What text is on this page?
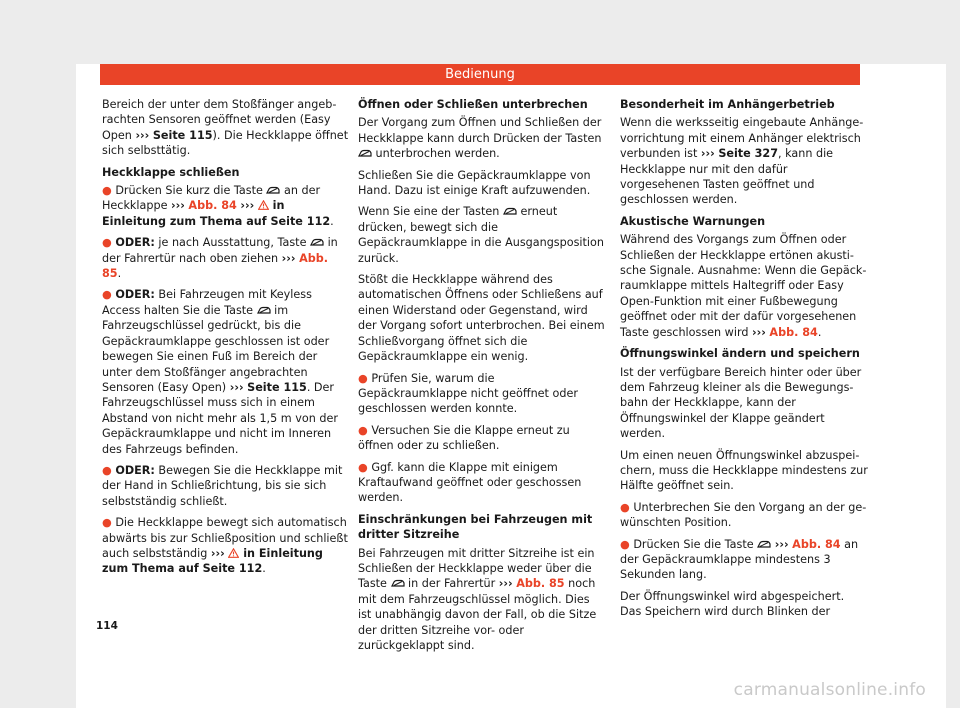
Bedienung

Bereich der unter dem Stoßfänger angebrachten Sensoren geöffnet werden (Easy Open ››› Seite 115). Die Heckklappe öffnet sich selbsttätig.

Heckklappe schließen

● Drücken Sie kurz die Taste  an der Heckklappe ››› Abb. 84 ›››  in Einleitung zum Thema auf Seite 112.

● ODER: je nach Ausstattung, Taste  in der Fahrertür nach oben ziehen ››› Abb. 85.

● ODER: Bei Fahrzeugen mit Keyless Access halten Sie die Taste  im Fahrzeugschlüssel gedrückt, bis die Gepäckraumklappe geschlossen ist oder bewegen Sie einen Fuß im Bereich der unter dem Stoßfänger angebrachten Sensoren (Easy Open) ››› Seite 115. Der Fahrzeugschlüssel muss sich in einem Abstand von nicht mehr als 1,5 m von der Gepäckraumklappe und nicht im Inneren des Fahrzeugs befinden.

● ODER: Bewegen Sie die Heckklappe mit der Hand in Schließrichtung, bis sie sich selbstständig schließt.

● Die Heckklappe bewegt sich automatisch abwärts bis zur Schließposition und schließt auch selbstständig ›››  in Einleitung zum Thema auf Seite 112.

Öffnen oder Schließen unterbrechen

Der Vorgang zum Öffnen und Schließen der Heckklappe kann durch Drücken der Tasten  unterbrochen werden.

Schließen Sie die Gepäckraumklappe von Hand. Dazu ist einige Kraft aufzuwenden.

Wenn Sie eine der Tasten  erneut drücken, bewegt sich die Gepäckraumklappe in die Ausgangsposition zurück.

Stößt die Heckklappe während des automatischen Öffnens oder Schließens auf einen Widerstand oder Gegenstand, wird der Vorgang sofort unterbrochen. Bei einem Schließvorgang öffnet sich die Gepäckraumklappe ein wenig.

● Prüfen Sie, warum die Gepäckraumklappe nicht geöffnet oder geschlossen werden konnte.

● Versuchen Sie die Klappe erneut zu öffnen oder zu schließen.

● Ggf. kann die Klappe mit einigem Kraftaufwand geöffnet oder geschossen werden.

Einschränkungen bei Fahrzeugen mit dritter Sitzreihe

Bei Fahrzeugen mit dritter Sitzreihe ist ein Schließen der Heckklappe weder über die Taste  in der Fahrertür ››› Abb. 85 noch mit dem Fahrzeugschlüssel möglich. Dies ist unabhängig davon der Fall, ob die Sitze der dritten Sitzreihe vor- oder zurückgeklappt sind.

Besonderheit im Anhängerbetrieb

Wenn die werksseitig eingebaute Anhängevorrichtung mit einem Anhänger elektrisch verbunden ist ››› Seite 327, kann die Heckklappe nur mit den dafür vorgesehenen Tasten geöffnet und geschlossen werden.

Akustische Warnungen

Während des Vorgangs zum Öffnen oder Schließen der Heckklappe ertönen akustische Signale. Ausnahme: Wenn die Gepäckraumklappe mittels Haltegriff oder Easy Open-Funktion mit einer Fußbewegung geöffnet oder mit der dafür vorgesehenen Taste geschlossen wird ››› Abb. 84.

Öffnungswinkel ändern und speichern

Ist der verfügbare Bereich hinter oder über dem Fahrzeug kleiner als die Bewegungsbahn der Heckklappe, kann der Öffnungswinkel der Klappe geändert werden.

Um einen neuen Öffnungswinkel abzuspeichern, muss die Heckklappe mindestens zur Hälfte geöffnet sein.

● Unterbrechen Sie den Vorgang an der gewünschten Position.

● Drücken Sie die Taste  ››› Abb. 84 an der Gepäckraumklappe mindestens 3 Sekunden lang.

Der Öffnungswinkel wird abgespeichert. Das Speichern wird durch Blinken der

114
carmanualsonline.info
